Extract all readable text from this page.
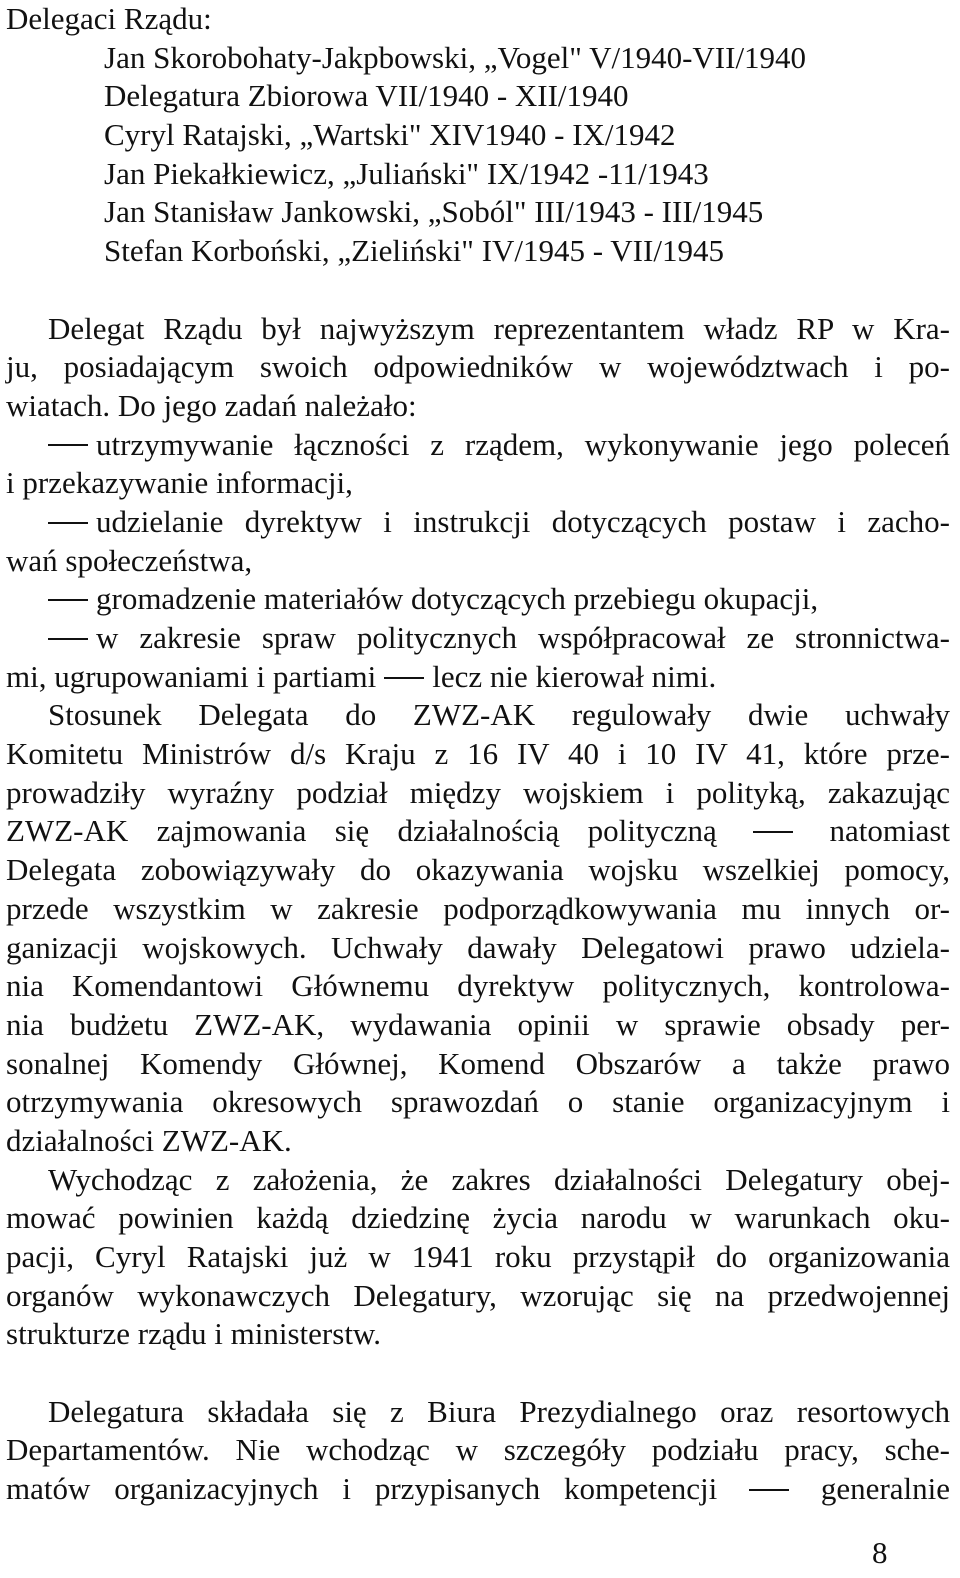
Delegaci Rządu:
Jan Skorobohaty-Jakpbowski, „Vogel" V/1940-VII/1940
Delegatura Zbiorowa VII/1940 - XII/1940
Cyryl Ratajski, „Wartski" XIV1940 - IX/1942
Jan Piekałkiewicz, „Juliański" IX/1942 -11/1943
Jan Stanisław Jankowski, „Soból" III/1943 - III/1945
Stefan Korboński, „Zieliński" IV/1945 - VII/1945
Delegat Rządu był najwyższym reprezentantem władz RP w Kra-
ju, posiadającym swoich odpowiedników w województwach i po-
wiatach. Do jego zadań należało:
utrzymywanie łączności z rządem, wykonywanie jego poleceń
i przekazywanie informacji,
udzielanie dyrektyw i instrukcji dotyczących postaw i zacho-
wań społeczeństwa,
gromadzenie materiałów dotyczących przebiegu okupacji,
w zakresie spraw politycznych współpracował ze stronnictwa-
mi, ugrupowaniami i partiami lecz nie kierował nimi.
Stosunek Delegata do ZWZ-AK regulowały dwie uchwały
Komitetu Ministrów d/s Kraju z 16 IV 40 i 10 IV 41, które prze-
prowadziły wyraźny podział między wojskiem i polityką, zakazując
ZWZ-AK zajmowania się działalnością polityczną	natomiast
Delegata zobowiązywały do okazywania wojsku wszelkiej pomocy,
przede wszystkim w zakresie podporządkowywania mu innych or-
ganizacji wojskowych. Uchwały dawały Delegatowi prawo udziela-
nia Komendantowi Głównemu dyrektyw politycznych, kontrolowa-
nia budżetu ZWZ-AK, wydawania opinii w sprawie obsady per-
sonalnej Komendy Głównej, Komend Obszarów a także prawo
otrzymywania okresowych sprawozdań o stanie organizacyjnym i
działalności ZWZ-AK.
Wychodząc z założenia, że zakres działalności Delegatury obej-
mować powinien każdą dziedzinę życia narodu w warunkach oku-
pacji, Cyryl Ratajski już w 1941 roku przystąpił do organizowania
organów wykonawczych Delegatury, wzorując się na przedwojennej
strukturze rządu i ministerstw.
Delegatura składała się z Biura Prezydialnego oraz resortowych
Departamentów. Nie wchodząc w szczegóły podziału pracy, sche-
matów organizacyjnych i przypisanych kompetencji	generalnie
8
